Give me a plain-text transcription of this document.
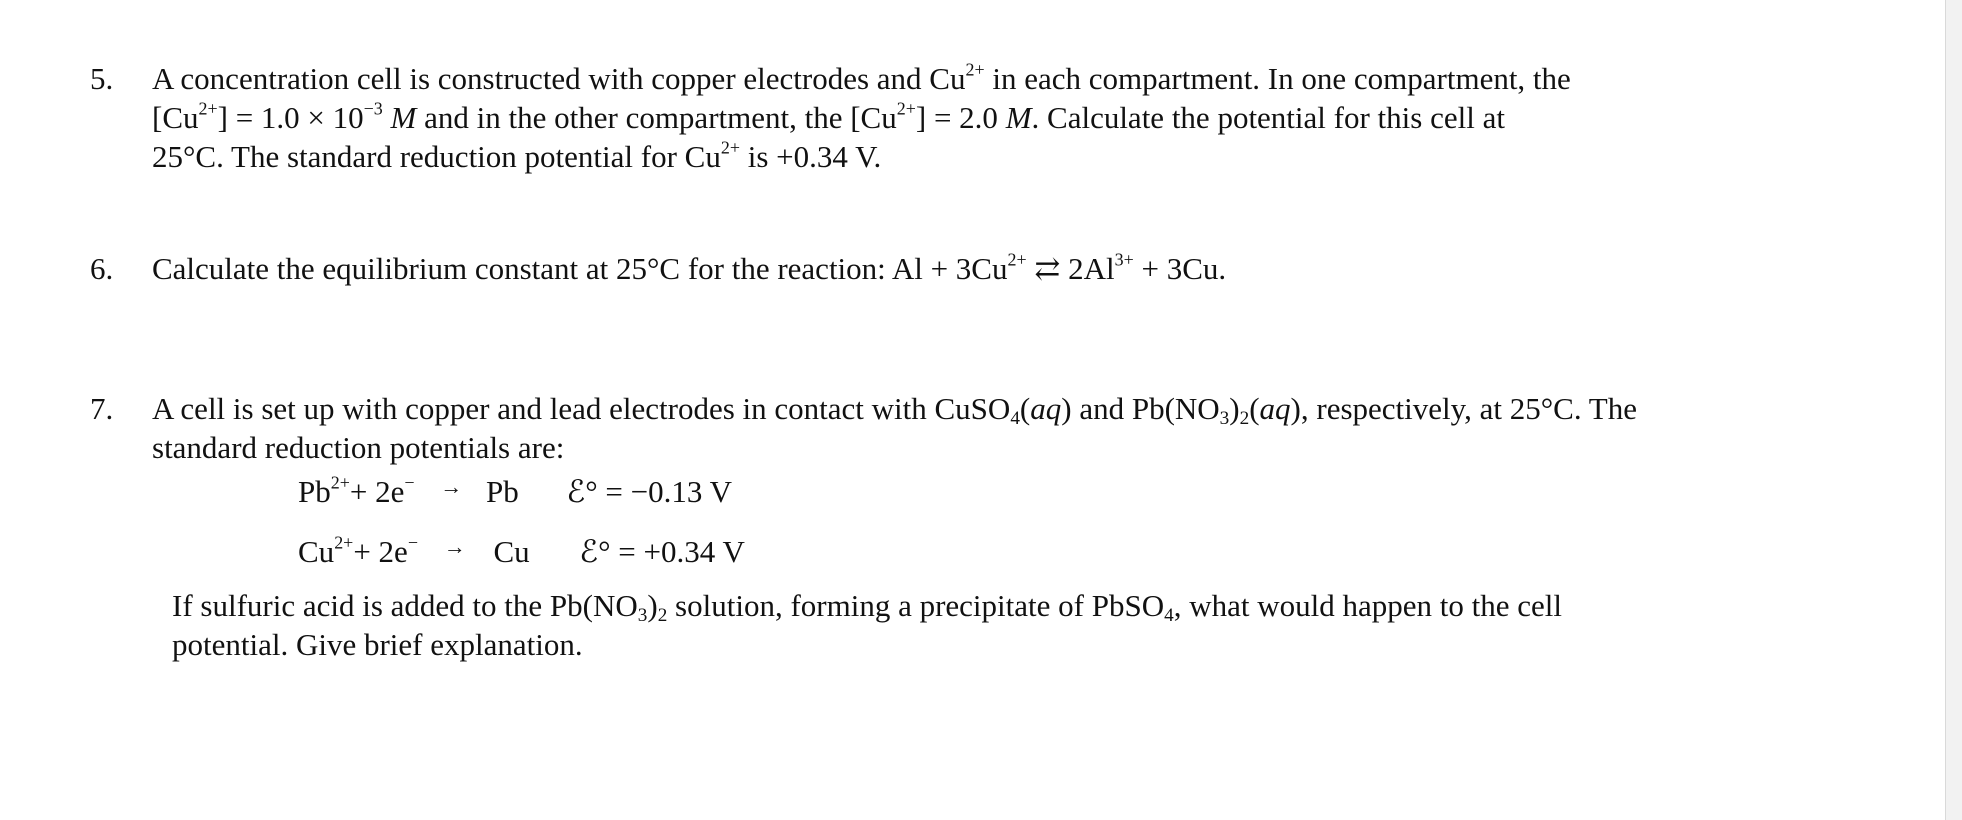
5. A concentration cell is constructed with copper electrodes and $Cu^{2+}$ in each compartment. In one compartment, the
$[Cu^{2+}] = 1.0 \times 10^{-3}$ M and in the other compartment, the $[Cu^{2+}] = 2.0$ M. Calculate the potential for this cell at
25°C. The standard reduction potential for $Cu^{2+}$ is +0.34 V.
6. Calculate the equilibrium constant at 25°C for the reaction: $Al + 3Cu^{2+}$ ⇄ $2Al^{3+} + 3Cu$.
7. A cell is set up with copper and lead electrodes in contact with CuSO$_4$(aq) and $Pb(NO_3)_2(aq)$, respectively, at 25°C. The
standard reduction potentials are:
$Pb^{2+}+ 2e^- \to Pb$ ℰ° = −0.13 V
$Cu^{2+}+ 2e^- \to Cu$ ℰ° = +0.34 V
If sulfuric acid is added to the $Pb(NO_3)_2$ solution, forming a precipitate of PbSO$_4$, what would happen to the cell
potential. Give brief explanation.
